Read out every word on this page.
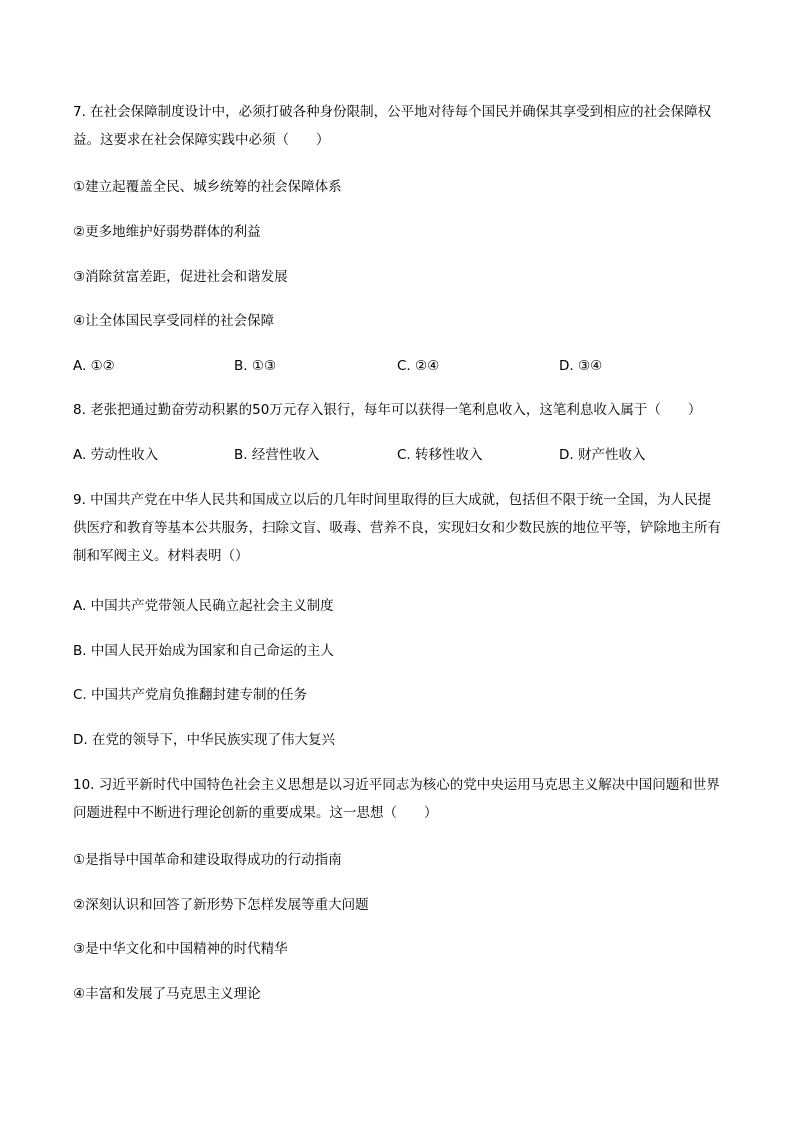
7. 在社会保障制度设计中，必须打破各种身份限制，公平地对待每个国民并确保其享受到相应的社会保障权益。这要求在社会保障实践中必须（　　）
①建立起覆盖全民、城乡统筹的社会保障体系
②更多地维护好弱势群体的利益
③消除贫富差距，促进社会和谐发展
④让全体国民享受同样的社会保障
A. ①②	B. ①③	C. ②④	D. ③④
8. 老张把通过勤奋劳动积累的50万元存入银行，每年可以获得一笔利息收入，这笔利息收入属于（　　）
A. 劳动性收入	B. 经营性收入	C. 转移性收入	D. 财产性收入
9. 中国共产党在中华人民共和国成立以后的几年时间里取得的巨大成就，包括但不限于统一全国，为人民提供医疗和教育等基本公共服务，扫除文盲、吸毒、营养不良，实现妇女和少数民族的地位平等，铲除地主所有制和军阀主义。材料表明（）
A. 中国共产党带领人民确立起社会主义制度
B. 中国人民开始成为国家和自己命运的主人
C. 中国共产党肩负推翻封建专制的任务
D. 在党的领导下，中华民族实现了伟大复兴
10. 习近平新时代中国特色社会主义思想是以习近平同志为核心的党中央运用马克思主义解决中国问题和世界问题进程中不断进行理论创新的重要成果。这一思想（　　）
①是指导中国革命和建设取得成功的行动指南
②深刻认识和回答了新形势下怎样发展等重大问题
③是中华文化和中国精神的时代精华
④丰富和发展了马克思主义理论
